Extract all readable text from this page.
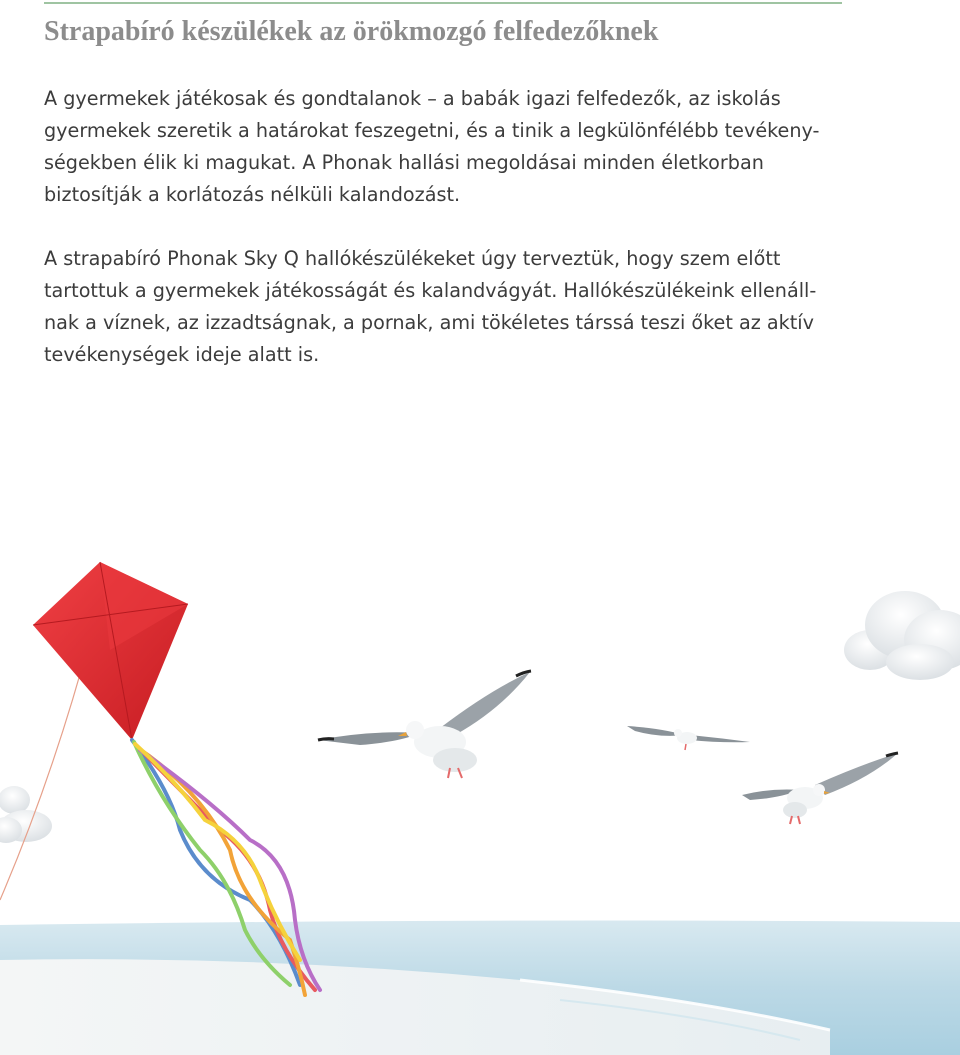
Strapabíró készülékek az örökmozgó felfedezőknek

A gyermekek játékosak és gondtalanok – a babák igazi felfedezők, az iskolás
gyermekek szeretik a határokat feszegetni, és a tinik a legkülönfélébb tevékeny-
ségekben élik ki magukat. A Phonak hallási megoldásai minden életkorban
biztosítják a korlátozás nélküli kalandozást.

A strapabíró Phonak Sky Q hallókészülékeket úgy terveztük, hogy szem előtt
tartottuk a gyermekek játékosságát és kalandvágyát. Hallókészülékeink ellenáll-
nak a víznek, az izzadtságnak, a pornak, ami tökéletes társsá teszi őket az aktív
tevékenységek ideje alatt is.
